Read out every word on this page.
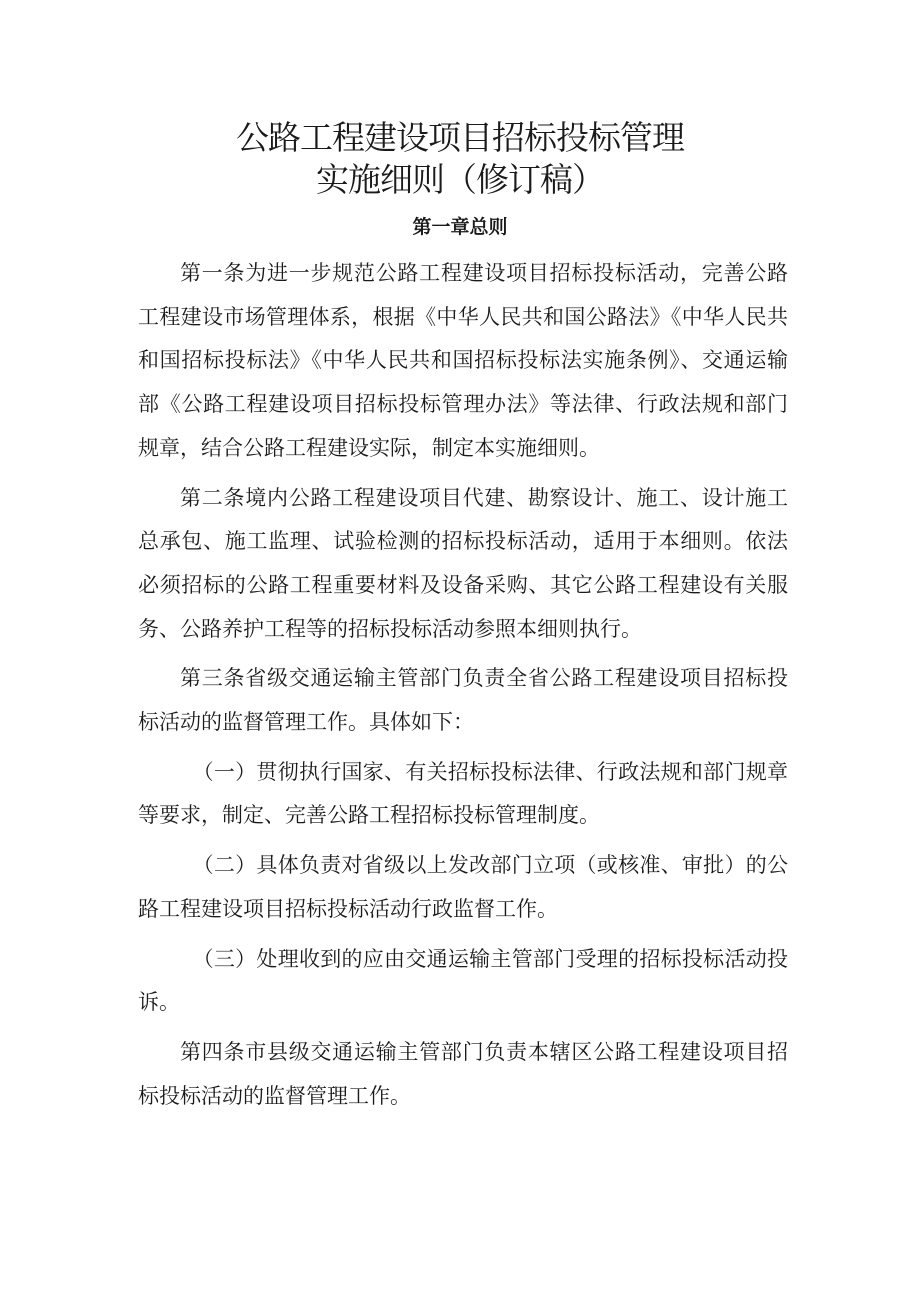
公路工程建设项目招标投标管理
实施细则（修订稿）
第一章总则

第一条为进一步规范公路工程建设项目招标投标活动，完善公路工程建设市场管理体系，根据《中华人民共和国公路法》《中华人民共和国招标投标法》《中华人民共和国招标投标法实施条例》、交通运输部《公路工程建设项目招标投标管理办法》等法律、行政法规和部门规章，结合公路工程建设实际，制定本实施细则。

第二条境内公路工程建设项目代建、勘察设计、施工、设计施工总承包、施工监理、试验检测的招标投标活动，适用于本细则。依法必须招标的公路工程重要材料及设备采购、其它公路工程建设有关服务、公路养护工程等的招标投标活动参照本细则执行。

第三条省级交通运输主管部门负责全省公路工程建设项目招标投标活动的监督管理工作。具体如下：

（一）贯彻执行国家、有关招标投标法律、行政法规和部门规章等要求，制定、完善公路工程招标投标管理制度。

（二）具体负责对省级以上发改部门立项（或核准、审批）的公路工程建设项目招标投标活动行政监督工作。

（三）处理收到的应由交通运输主管部门受理的招标投标活动投诉。

第四条市县级交通运输主管部门负责本辖区公路工程建设项目招标投标活动的监督管理工作。
